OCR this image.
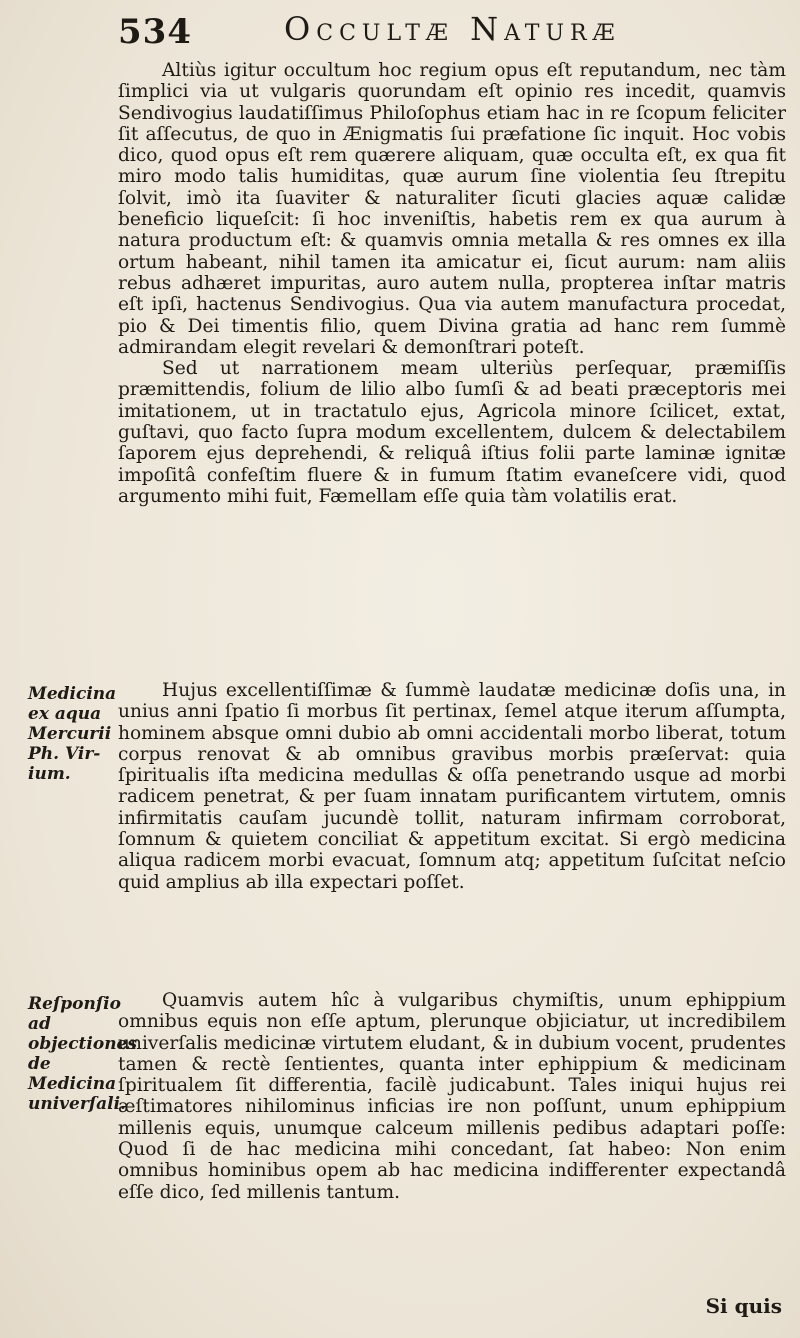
534	Occultæ Naturæ

Altiùs igitur occultum hoc regium opus eſt reputandum, nec tàm ſimplici via ut vulgaris quorundam eſt opinio res incedit, quamvis Sendivogius laudatiſſimus Philoſophus etiam hac in re ſcopum feliciter ſit aſſecutus, de quo in Ænigmatis ſui præfatione ſic inquit. Hoc vobis dico, quod opus eſt rem quærere aliquam, quæ occulta eſt, ex qua fit miro modo talis humiditas, quæ aurum ſine violentia ſeu ſtrepitu ſolvit, imò ita ſuaviter & naturaliter ſicuti glacies aquæ calidæ beneficio liqueſcit: ſi hoc inveniſtis, habetis rem ex qua aurum à natura productum eſt: & quamvis omnia metalla & res omnes ex illa ortum habeant, nihil tamen ita amicatur ei, ſicut aurum: nam aliis rebus adhæret impuritas, auro autem nulla, propterea inſtar matris eſt ipſi, hactenus Sendivogius. Qua via autem manufactura procedat, pio & Dei timentis filio, quem Divina gratia ad hanc rem ſummè admirandam elegit revelari & demonſtrari poteſt.

Sed ut narrationem meam ulteriùs perſequar, præmiſſis præmittendis, folium de lilio albo ſumſi & ad beati præceptoris mei imitationem, ut in tractatulo ejus, Agricola minore ſcilicet, extat, guſtavi, quo facto ſupra modum excellentem, dulcem & delectabilem ſaporem ejus deprehendi, & reliquâ iſtius folii parte laminæ ignitæ impoſitâ confeſtim fluere & in fumum ſtatim evaneſcere vidi, quod argumento mihi fuit, Fæmellam eſſe quia tàm volatilis erat.

Hujus excellentiſſimæ & ſummè laudatæ medicinæ doſis una, in unius anni ſpatio ſi morbus ſit pertinax, ſemel atque iterum aſſumpta, hominem absque omni dubio ab omni accidentali morbo liberat, totum corpus renovat & ab omnibus gravibus morbis præſervat: quia ſpiritualis iſta medicina medullas & oſſa penetrando usque ad morbi radicem penetrat, & per ſuam innatam purificantem virtutem, omnis infirmitatis cauſam jucundè tollit, naturam infirmam corroborat, ſomnum & quietem conciliat & appetitum excitat. Si ergò medicina aliqua radicem morbi evacuat, ſomnum atq; appetitum ſuſcitat neſcio quid amplius ab illa expectari poſſet.

Quamvis autem hîc à vulgaribus chymiſtis, unum ephippium omnibus equis non eſſe aptum, plerunque objiciatur, ut incredibilem univerſalis medicinæ virtutem eludant, & in dubium vocent, prudentes tamen & rectè ſentientes, quanta inter ephippium & medicinam ſpiritualem ſit differentia, facilè judicabunt. Tales iniqui hujus rei æſtimatores nihilominus inficias ire non poſſunt, unum ephippium millenis equis, unumque calceum millenis pedibus adaptari poſſe: Quod ſi de hac medicina mihi concedant, ſat habeo: Non enim omnibus hominibus opem ab hac medicina indifferenter expectandâ eſſe dico, ſed millenis tantum.

Medicina ex aqua Mercurii Ph. Vir-ium.
Reſponſio ad objectiones de Medicina univerſali.
Si quis
